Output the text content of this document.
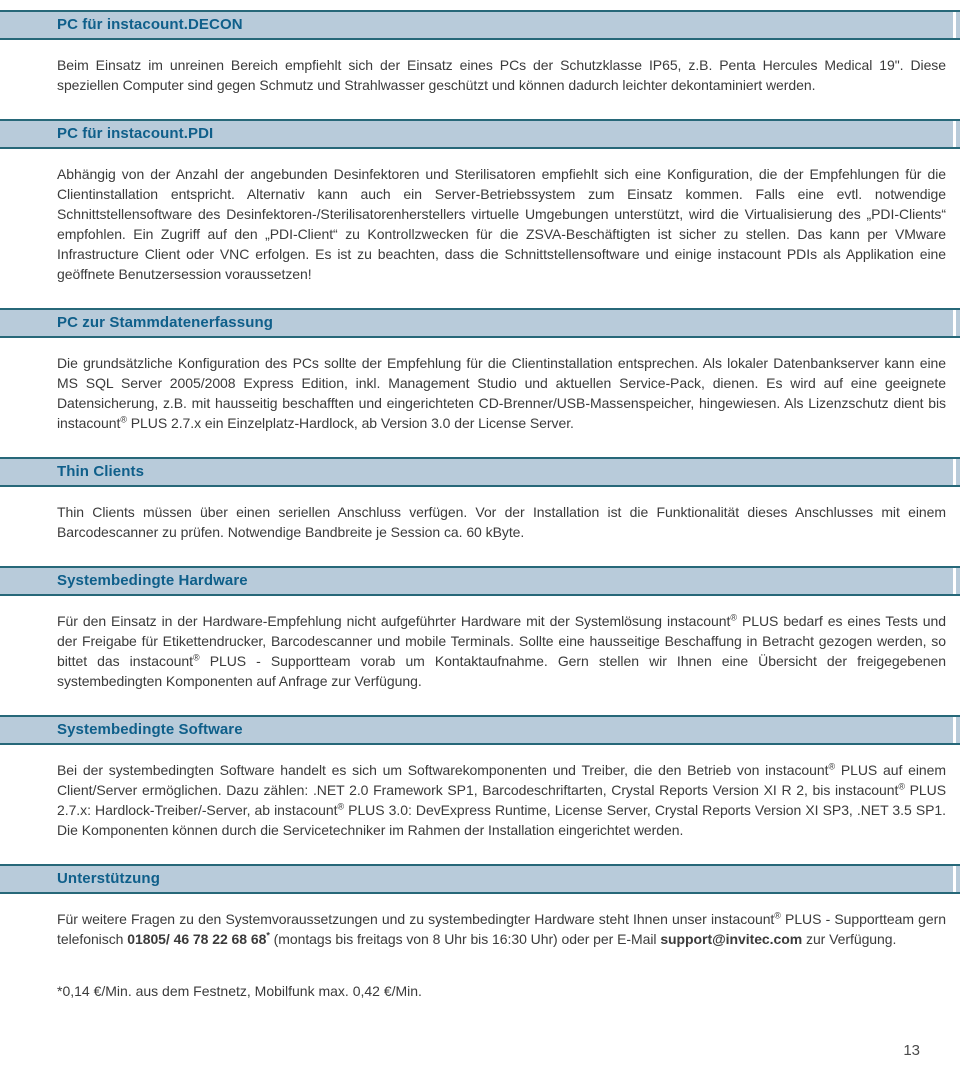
PC für instacount.DECON

Beim Einsatz im unreinen Bereich empfiehlt sich der Einsatz eines PCs der Schutzklasse IP65, z.B. Penta Hercules Medical 19". Diese speziellen Computer sind gegen Schmutz und Strahlwasser geschützt und können dadurch leichter dekontaminiert werden.

PC für instacount.PDI

Abhängig von der Anzahl der angebunden Desinfektoren und Sterilisatoren empfiehlt sich eine Konfiguration, die der Empfehlungen für die Clientinstallation entspricht. Alternativ kann auch ein Server-Betriebssystem zum Einsatz kommen. Falls eine evtl. notwendige Schnittstellensoftware des Desinfektoren-/Sterilisatorenherstellers virtuelle Umgebungen unterstützt, wird die Virtualisierung des „PDI-Clients“ empfohlen. Ein Zugriff auf den „PDI-Client“ zu Kontrollzwecken für die ZSVA-Beschäftigten ist sicher zu stellen. Das kann per VMware Infrastructure Client oder VNC erfolgen. Es ist zu beachten, dass die Schnittstellensoftware und einige instacount PDIs als Applikation eine geöffnete Benutzersession voraussetzen!

PC zur Stammdatenerfassung

Die grundsätzliche Konfiguration des PCs sollte der Empfehlung für die Clientinstallation entsprechen. Als lokaler Datenbankserver kann eine MS SQL Server 2005/2008 Express Edition, inkl. Management Studio und aktuellen Service-Pack, dienen. Es wird auf eine geeignete Datensicherung, z.B. mit hausseitig beschafften und eingerichteten CD-Brenner/USB-Massenspeicher, hingewiesen. Als Lizenzschutz dient bis instacount® PLUS 2.7.x ein Einzelplatz-Hardlock, ab Version 3.0 der License Server.

Thin Clients

Thin Clients müssen über einen seriellen Anschluss verfügen. Vor der Installation ist die Funktionalität dieses Anschlusses mit einem Barcodescanner zu prüfen. Notwendige Bandbreite je Session ca. 60 kByte.

Systembedingte Hardware

Für den Einsatz in der Hardware-Empfehlung nicht aufgeführter Hardware mit der Systemlösung instacount® PLUS bedarf es eines Tests und der Freigabe für Etikettendrucker, Barcodescanner und mobile Terminals. Sollte eine hausseitige Beschaffung in Betracht gezogen werden, so bittet das instacount® PLUS - Supportteam vorab um Kontaktaufnahme. Gern stellen wir Ihnen eine Übersicht der freigegebenen systembedingten Komponenten auf Anfrage zur Verfügung.

Systembedingte Software

Bei der systembedingten Software handelt es sich um Softwarekomponenten und Treiber, die den Betrieb von instacount® PLUS auf einem Client/Server ermöglichen. Dazu zählen: .NET 2.0 Framework SP1, Barcodeschriftarten, Crystal Reports Version XI R 2, bis instacount® PLUS 2.7.x: Hardlock-Treiber/-Server, ab instacount® PLUS 3.0: DevExpress Runtime, License Server, Crystal Reports Version XI SP3, .NET 3.5 SP1. Die Komponenten können durch die Servicetechniker im Rahmen der Installation eingerichtet werden.

Unterstützung

Für weitere Fragen zu den Systemvoraussetzungen und zu systembedingter Hardware steht Ihnen unser instacount® PLUS - Supportteam gern telefonisch 01805/ 46 78 22 68 68* (montags bis freitags von 8 Uhr bis 16:30 Uhr) oder per E-Mail support@invitec.com zur Verfügung.

*0,14 €/Min. aus dem Festnetz, Mobilfunk max. 0,42 €/Min.

13
